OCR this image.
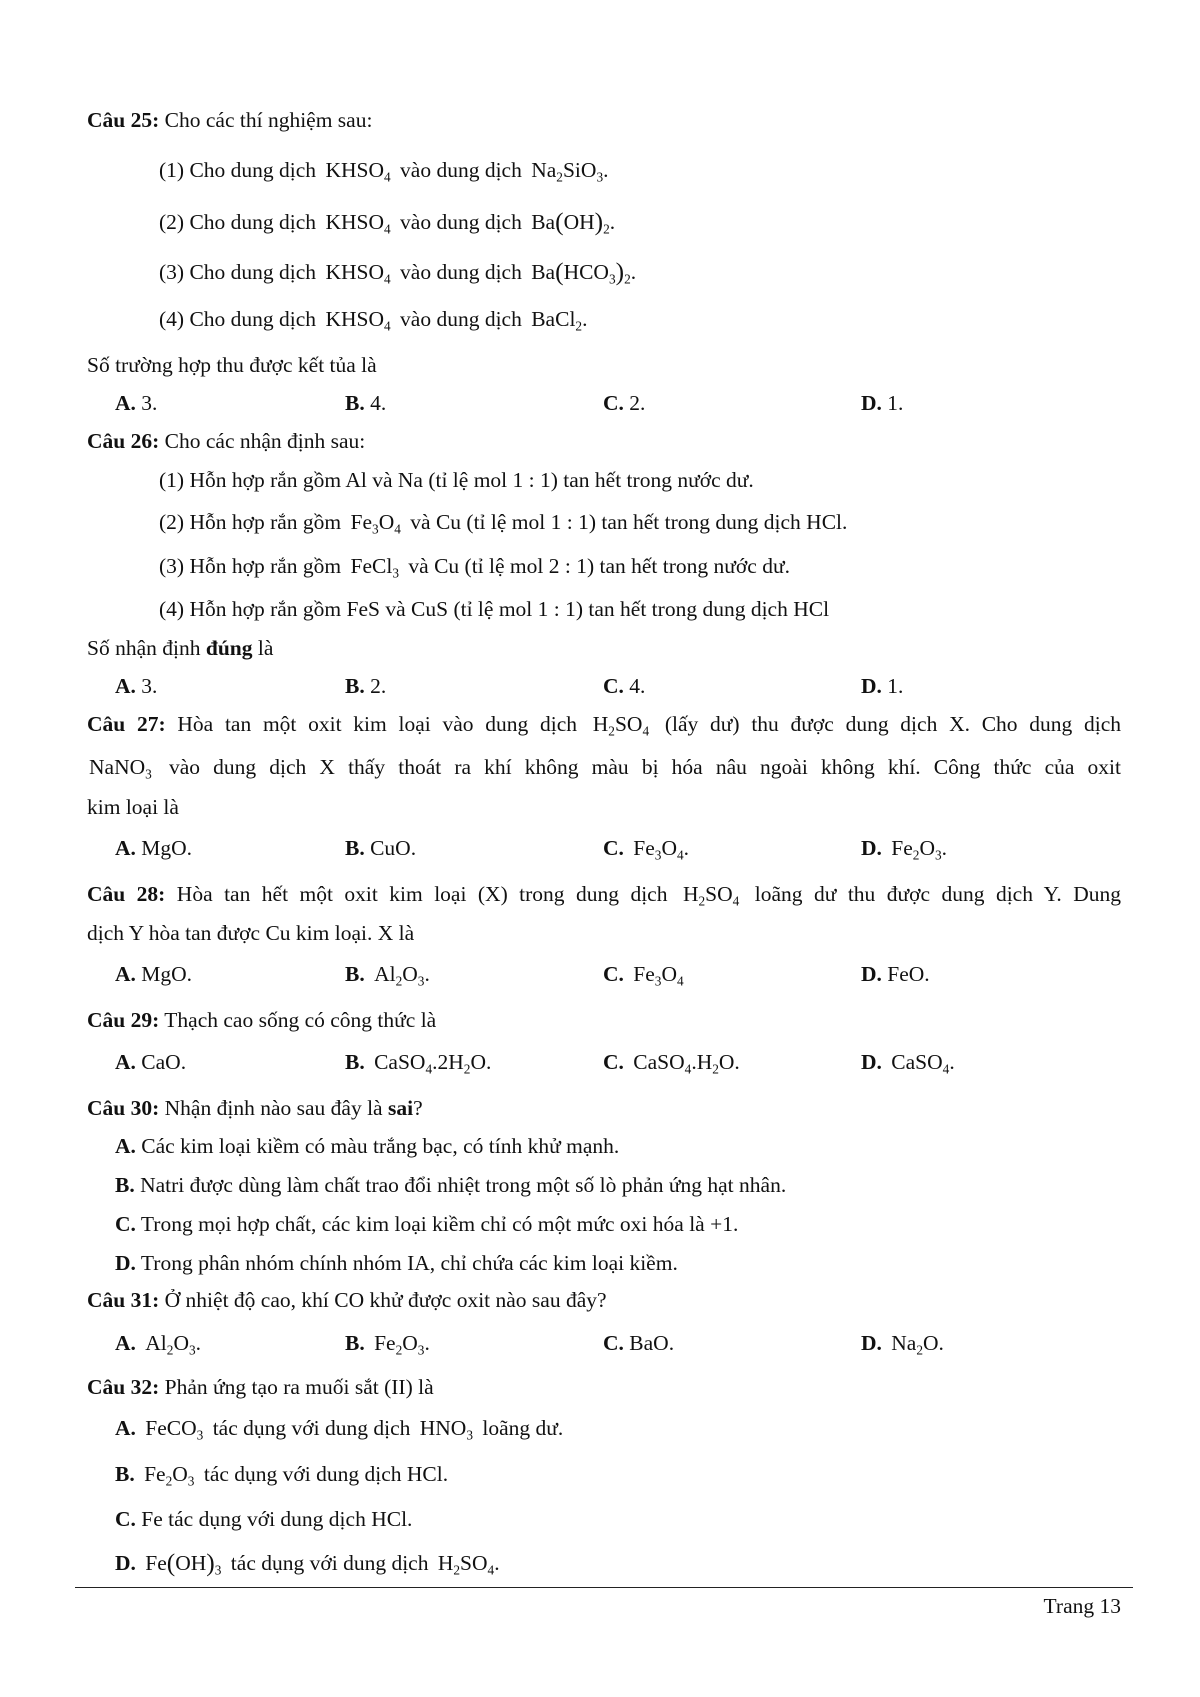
Câu 25: Cho các thí nghiệm sau:
(1) Cho dung dịch $KHSO_4$ vào dung dịch $Na_2SiO_3$.
(2) Cho dung dịch $KHSO_4$ vào dung dịch $Ba(OH)_2$.
(3) Cho dung dịch $KHSO_4$ vào dung dịch $Ba(HCO_3)_2$.
(4) Cho dung dịch $KHSO_4$ vào dung dịch BaCl$_2$.
Số trường hợp thu được kết tủa là
A. 3.	B. 4.	C. 2.	D. 1.
Câu 26: Cho các nhận định sau:
(1) Hỗn hợp rắn gồm Al và Na (tỉ lệ mol 1 : 1) tan hết trong nước dư.
(2) Hỗn hợp rắn gồm $Fe_3O_4$ và Cu (tỉ lệ mol 1 : 1) tan hết trong dung dịch HCl.
(3) Hỗn hợp rắn gồm FeCl$_3$ và Cu (tỉ lệ mol 2 : 1) tan hết trong nước dư.
(4) Hỗn hợp rắn gồm FeS và CuS (tỉ lệ mol 1 : 1) tan hết trong dung dịch HCl
Số nhận định đúng là
A. 3.	B. 2.	C. 4.	D. 1.
Câu 27: Hòa tan một oxit kim loại vào dung dịch $H_2SO_4$ (lấy dư) thu được dung dịch X. Cho dung dịch
NaNO$_3$ vào dung dịch X thấy thoát ra khí không màu bị hóa nâu ngoài không khí. Công thức của oxit
kim loại là
A. MgO.	B. CuO.	C. $Fe_3O_4$.	D. $Fe_2O_3$.
Câu 28: Hòa tan hết một oxit kim loại (X) trong dung dịch $H_2SO_4$ loãng dư thu được dung dịch Y. Dung
dịch Y hòa tan được Cu kim loại. X là
A. MgO.	B. $Al_2O_3$.	C. $Fe_3O_4$	D. FeO.
Câu 29: Thạch cao sống có công thức là
A. CaO.	B. $CaSO_4.2H_2O$.	C. $CaSO_4.H_2O$.	D. CaSO$_4$.
Câu 30: Nhận định nào sau đây là sai?
A. Các kim loại kiềm có màu trắng bạc, có tính khử mạnh.
B. Natri được dùng làm chất trao đổi nhiệt trong một số lò phản ứng hạt nhân.
C. Trong mọi hợp chất, các kim loại kiềm chỉ có một mức oxi hóa là +1.
D. Trong phân nhóm chính nhóm IA, chỉ chứa các kim loại kiềm.
Câu 31: Ở nhiệt độ cao, khí CO khử được oxit nào sau đây?
A. $Al_2O_3$.	B. $Fe_2O_3$.	C. BaO.	D. $Na_2O$.
Câu 32: Phản ứng tạo ra muối sắt (II) là
A. FeCO$_3$ tác dụng với dung dịch $HNO_3$ loãng dư.
B. $Fe_2O_3$ tác dụng với dung dịch HCl.
C. Fe tác dụng với dung dịch HCl.
D. $Fe(OH)_3$ tác dụng với dung dịch $H_2SO_4$.
Trang 13
